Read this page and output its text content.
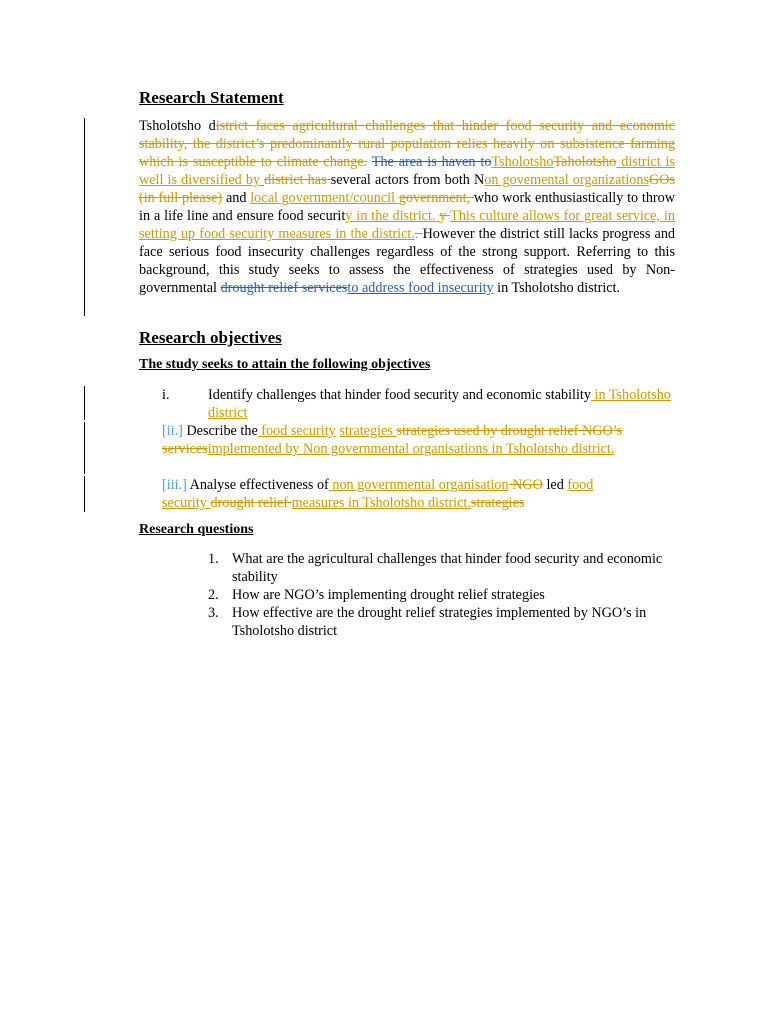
Research Statement

Tsholotsho district faces agricultural challenges that hinder food security and economic stability, the district’s predominantly rural population relies heavily on subsistence farming which is susceptible to climate change. The area is haven toTsholotshoTaholotsho district is well is diversified by district has several actors from both Non govemental organizationsGOs (in full please) and local government/council government, who work enthusiastically to throw in a life line and ensure food security in the district. y This culture allows for great service, in setting up food security measures in the district.. However the district still lacks progress and face serious food insecurity challenges regardless of the strong support. Referring to this background, this study seeks to assess the effectiveness of strategies used by Non-governmental drought relief servicesto address food insecurity in Tsholotsho district.

Research objectives
The study seeks to attain the following objectives
i.	Identify challenges that hinder food security and economic stability in Tsholotsho district

[ii.] Describe the food security strategies strategies used by drought relief NGO’s servicesimplemented by Non governmental organisations in Tsholotsho district.

[iii.] Analyse effectiveness of non governmental organisation NGO led food security drought relief measures in Tsholotsho district.strategies

Research questions
1. What are the agricultural challenges that hinder food security and economic stability

2. How are NGO’s implementing drought relief strategies

3. How effective are the drought relief strategies implemented by NGO’s in Tsholotsho district
